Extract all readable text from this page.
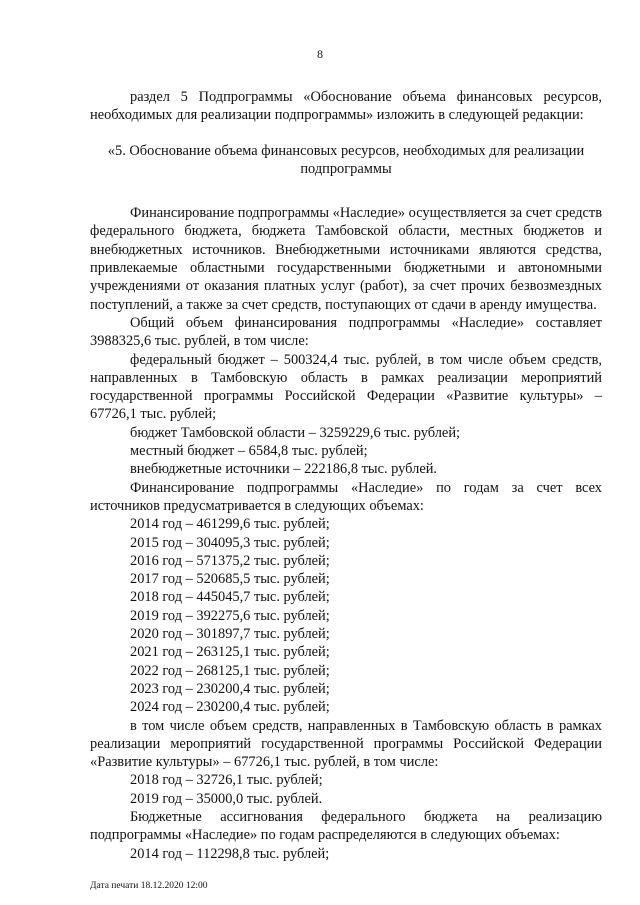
8

раздел 5 Подпрограммы «Обоснование объема финансовых ресурсов, необходимых для реализации подпрограммы» изложить в следующей редакции:

«5. Обоснование объема финансовых ресурсов, необходимых для реализации подпрограммы

Финансирование подпрограммы «Наследие» осуществляется за счет средств федерального бюджета, бюджета Тамбовской области, местных бюджетов и внебюджетных источников. Внебюджетными источниками являются средства, привлекаемые областными государственными бюджетными и автономными учреждениями от оказания платных услуг (работ), за счет прочих безвозмездных поступлений, а также за счет средств, поступающих от сдачи в аренду имущества.

Общий объем финансирования подпрограммы «Наследие» составляет 3988325,6 тыс. рублей, в том числе:

федеральный бюджет – 500324,4 тыс. рублей, в том числе объем средств, направленных в Тамбовскую область в рамках реализации мероприятий государственной программы Российской Федерации «Развитие культуры» – 67726,1 тыс. рублей;

бюджет Тамбовской области – 3259229,6 тыс. рублей;

местный бюджет – 6584,8 тыс. рублей;

внебюджетные источники – 222186,8 тыс. рублей.

Финансирование подпрограммы «Наследие» по годам за счет всех источников предусматривается в следующих объемах:

2014 год – 461299,6 тыс. рублей;

2015 год – 304095,3 тыс. рублей;

2016 год – 571375,2 тыс. рублей;

2017 год – 520685,5 тыс. рублей;

2018 год – 445045,7 тыс. рублей;

2019 год – 392275,6 тыс. рублей;

2020 год – 301897,7 тыс. рублей;

2021 год – 263125,1 тыс. рублей;

2022 год – 268125,1 тыс. рублей;

2023 год – 230200,4 тыс. рублей;

2024 год – 230200,4 тыс. рублей;

в том числе объем средств, направленных в Тамбовскую область в рамках реализации мероприятий государственной программы Российской Федерации «Развитие культуры» – 67726,1 тыс. рублей, в том числе:

2018 год – 32726,1 тыс. рублей;

2019 год – 35000,0 тыс. рублей.

Бюджетные ассигнования федерального бюджета на реализацию подпрограммы «Наследие» по годам распределяются в следующих объемах:

2014 год – 112298,8 тыс. рублей;

Дата печати 18.12.2020 12:00
